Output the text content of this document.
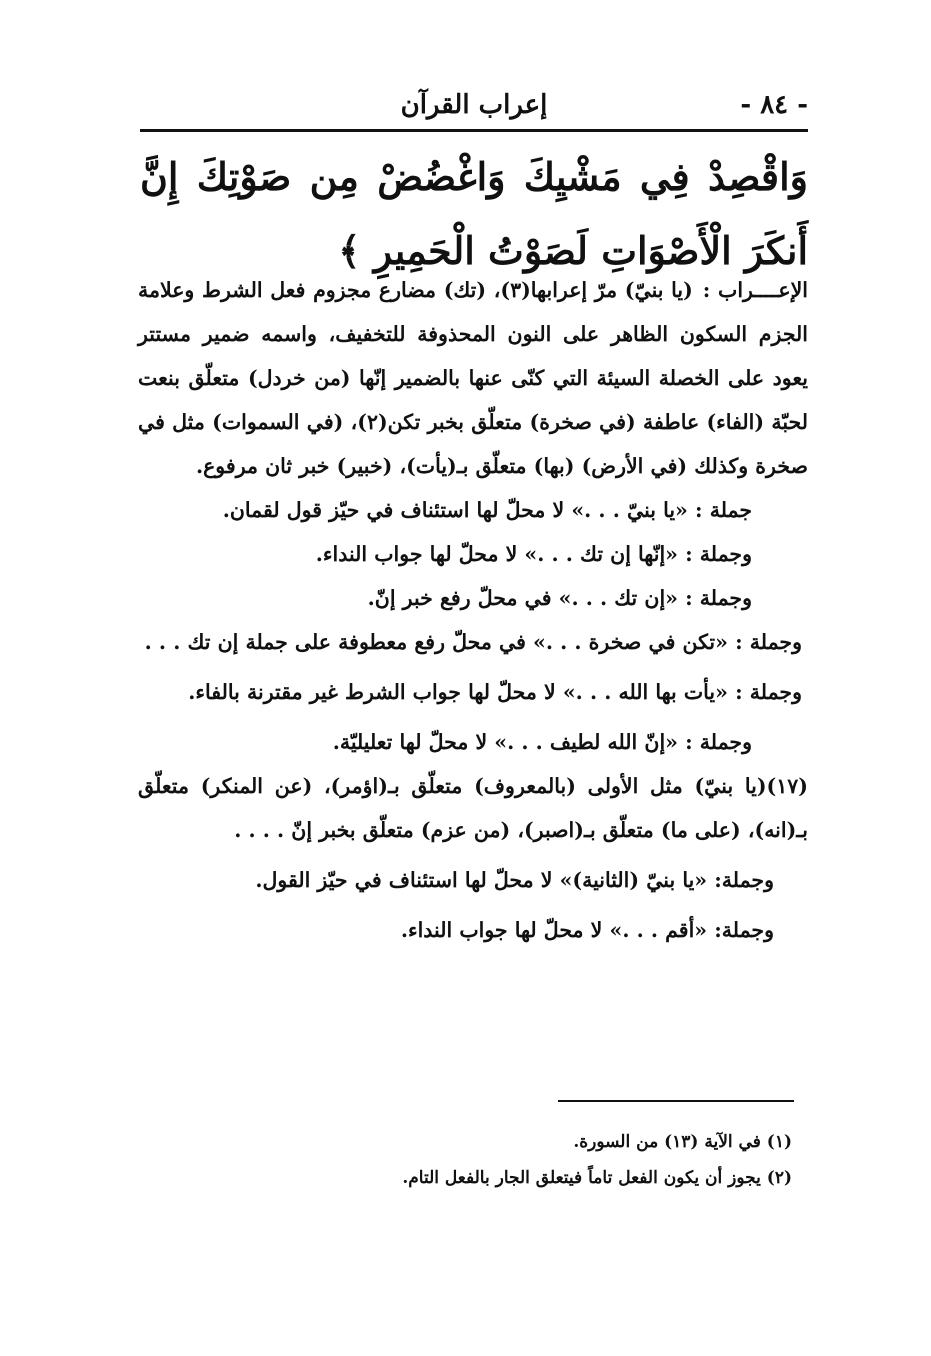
- ٨٤ -
إعراب القرآن
وَاقْصِدْ فِي مَشْيِكَ وَاغْضُضْ مِن صَوْتِكَ إِنَّ أَنكَرَ الْأَصْوَاتِ لَصَوْتُ الْحَمِيرِ ﴾

الإعــــراب :(يا بنيّ) مرّ إعرابها(٣)، (تك) مضارع مجزوم فعل الشرط وعلامة الجزم السكون الظاهر على النون المحذوفة للتخفيف، واسمه ضمير مستتر يعود على الخصلة السيئة التي كنّى عنها بالضمير إنّها (من خردل) متعلّق بنعت لحبّة (الفاء) عاطفة (في صخرة) متعلّق بخبر تكن(٢)، (في السموات) مثل في صخرة وكذلك (في الأرض) (بها) متعلّق بـ(يأت)، (خبير) خبر ثان مرفوع.

جملة : «يا بنيّ . . .» لا محلّ لها استئناف في حيّز قول لقمان.

وجملة : «إنّها إن تك . . .» لا محلّ لها جواب النداء.

وجملة : «إن تك . . .» في محلّ رفع خبر إنّ.

وجملة : «تكن في صخرة . . .» في محلّ رفع معطوفة على جملة إن تك . . .

وجملة : «يأت بها الله . . .» لا محلّ لها جواب الشرط غير مقترنة بالفاء.

وجملة : «إنّ الله لطيف . . .» لا محلّ لها تعليليّة.

(١٧)(يا بنيّ) مثل الأولى (بالمعروف) متعلّق بـ(اؤمر)، (عن المنكر) متعلّق بـ(انه)، (على ما) متعلّق بـ(اصبر)، (من عزم) متعلّق بخبر إنّ . . . .

وجملة: «يا بنيّ (الثانية)» لا محلّ لها استئناف في حيّز القول.

وجملة: «أقم . . .» لا محلّ لها جواب النداء.

(١) في الآية (١٣) من السورة.

(٢) يجوز أن يكون الفعل تاماً فيتعلق الجار بالفعل التام.
